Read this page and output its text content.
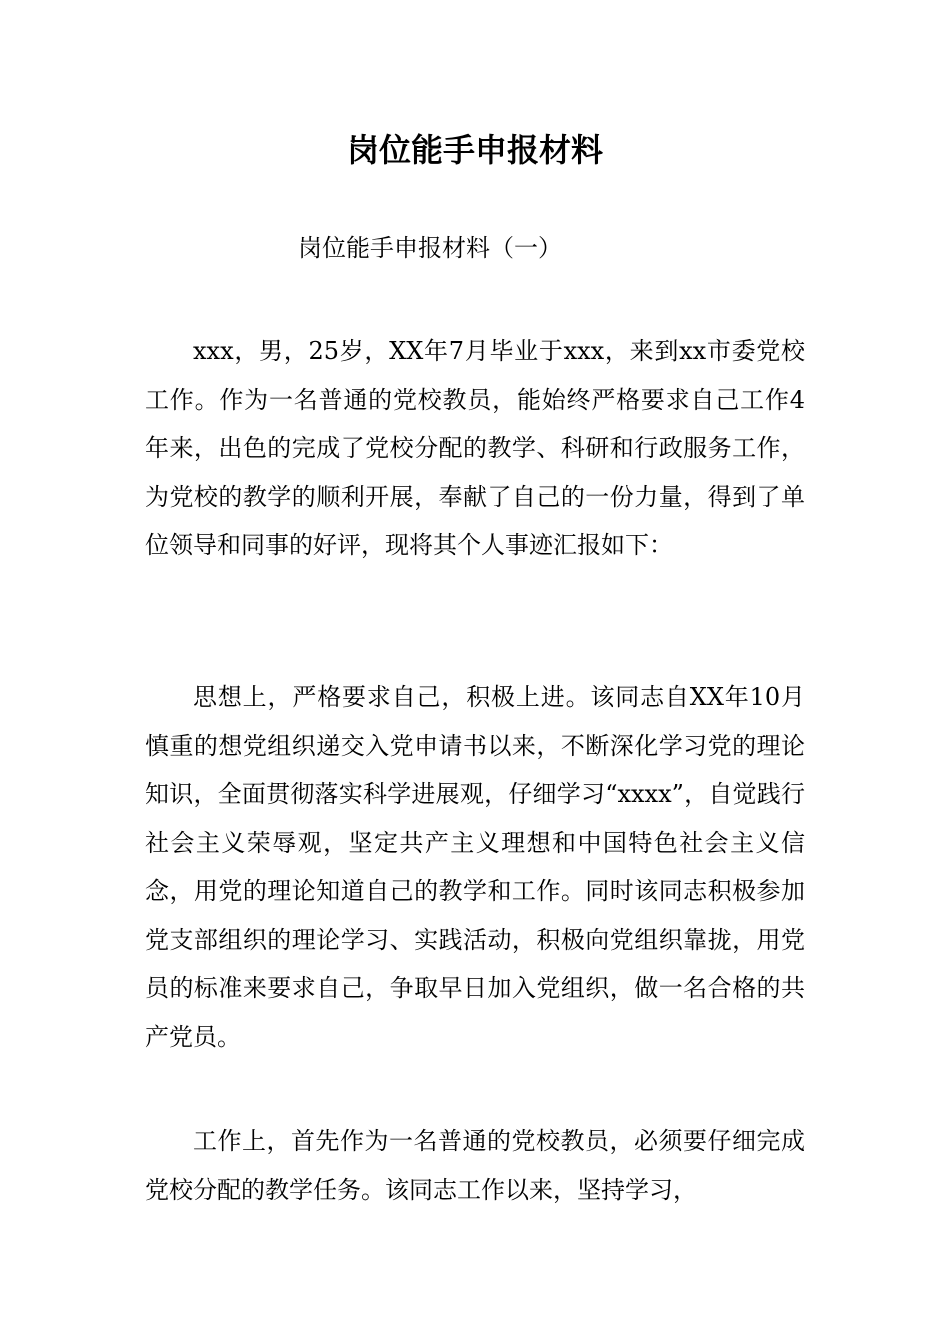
岗位能手申报材料

岗位能手申报材料（一）

xxx，男，25岁，XX年7月毕业于xxx，来到xx市委党校工作。作为一名普通的党校教员，能始终严格要求自己工作4年来，出色的完成了党校分配的教学、科研和行政服务工作，为党校的教学的顺利开展，奉献了自己的一份力量，得到了单位领导和同事的好评，现将其个人事迹汇报如下：

思想上，严格要求自己，积极上进。该同志自XX年10月慎重的想党组织递交入党申请书以来，不断深化学习党的理论知识，全面贯彻落实科学进展观，仔细学习“xxxx”，自觉践行社会主义荣辱观，坚定共产主义理想和中国特色社会主义信念，用党的理论知道自己的教学和工作。同时该同志积极参加党支部组织的理论学习、实践活动，积极向党组织靠拢，用党员的标准来要求自己，争取早日加入党组织，做一名合格的共产党员。

工作上，首先作为一名普通的党校教员，必须要仔细完成党校分配的教学任务。该同志工作以来，坚持学习，
